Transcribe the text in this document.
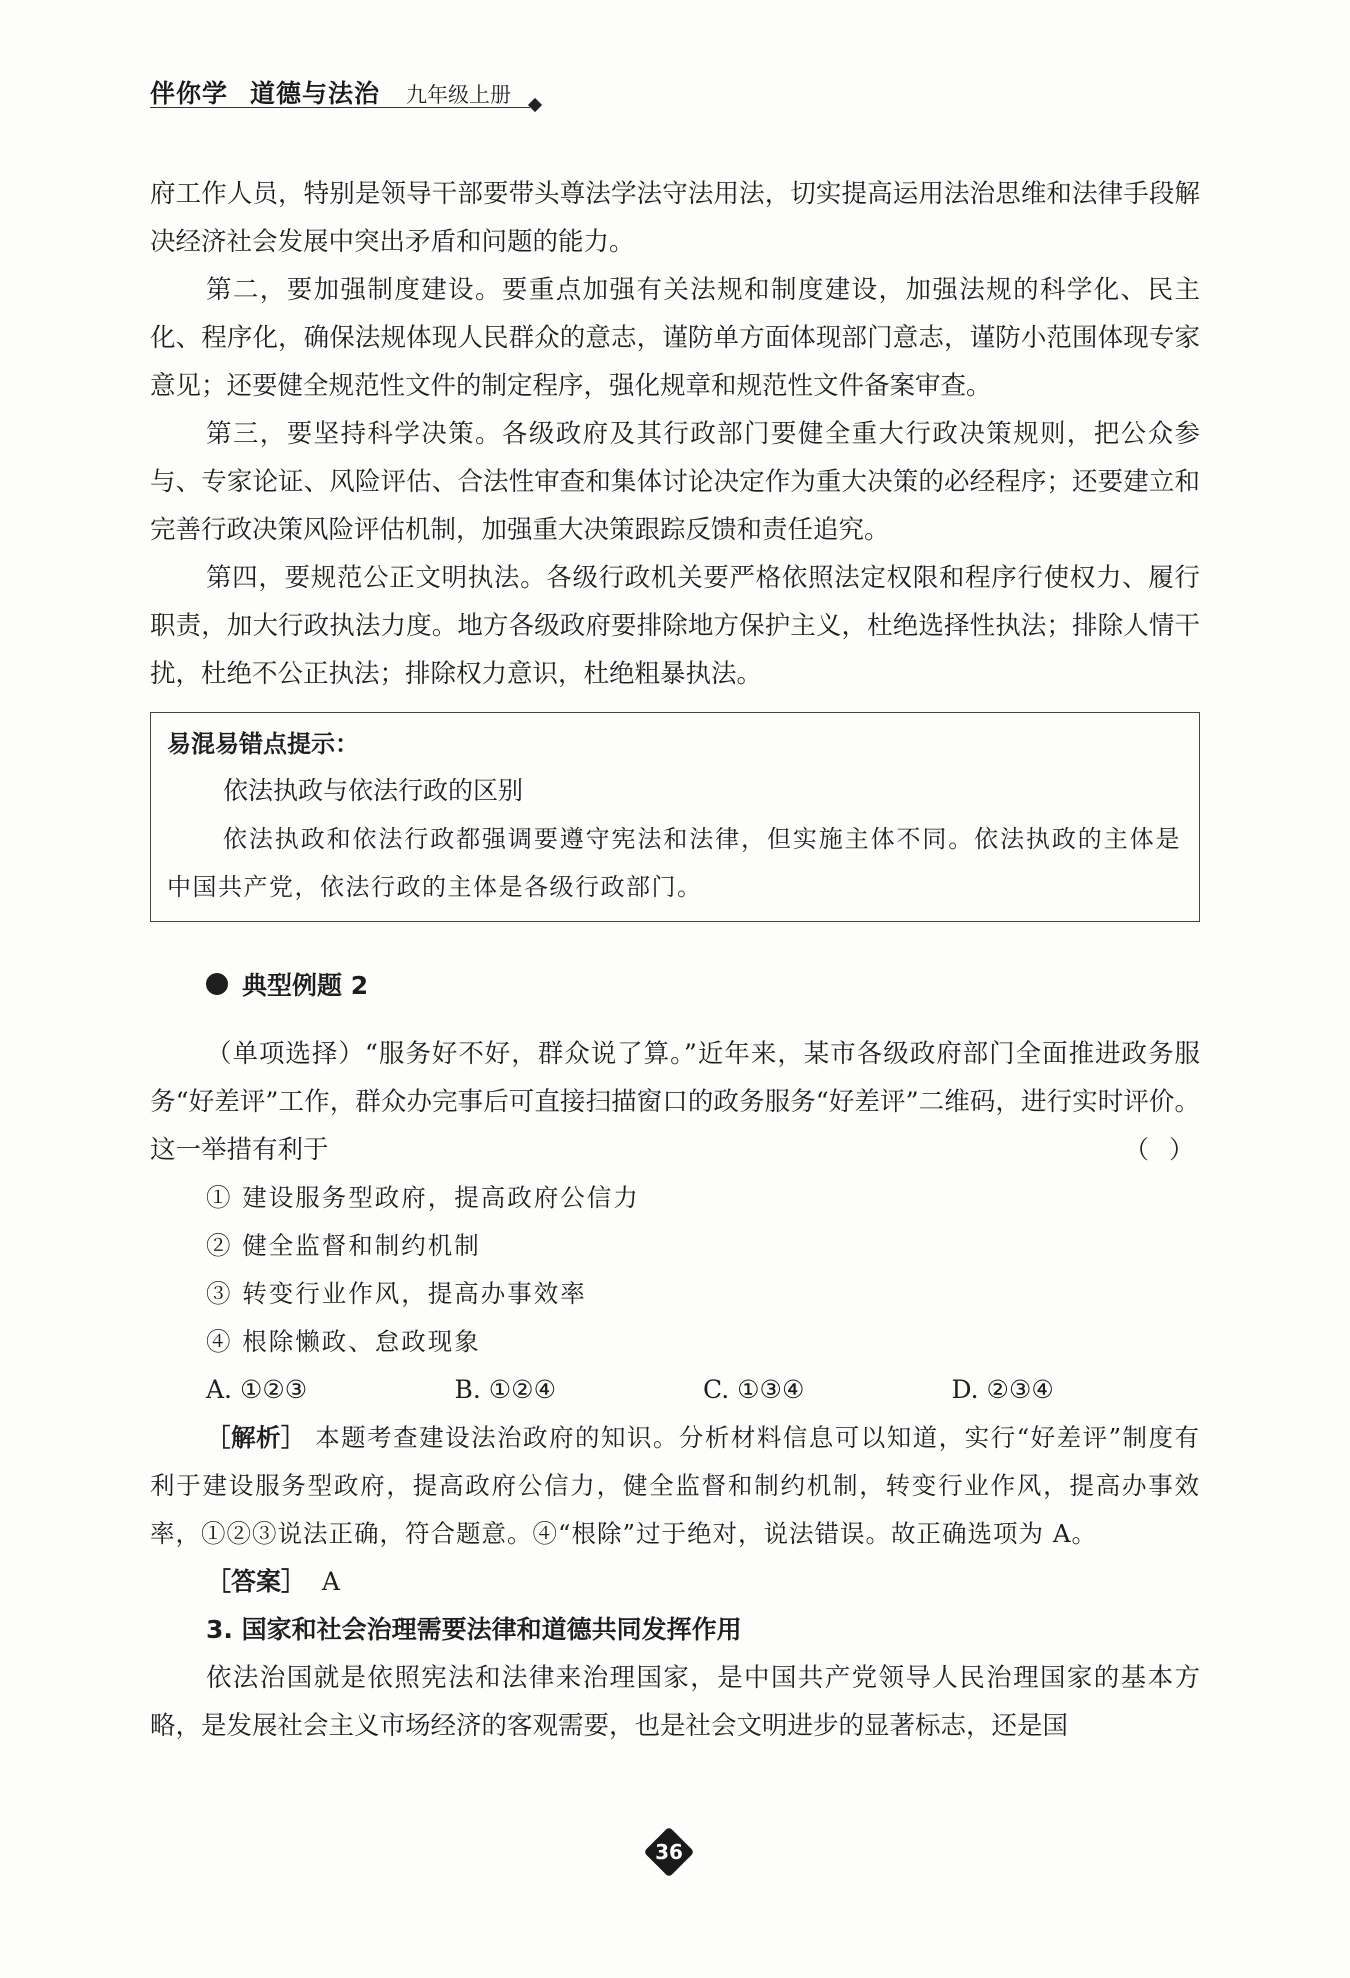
伴你学 道德与法治 九年级上册

府工作人员，特别是领导干部要带头尊法学法守法用法，切实提高运用法治思维和法律手段解决经济社会发展中突出矛盾和问题的能力。

第二，要加强制度建设。要重点加强有关法规和制度建设，加强法规的科学化、民主化、程序化，确保法规体现人民群众的意志，谨防单方面体现部门意志，谨防小范围体现专家意见；还要健全规范性文件的制定程序，强化规章和规范性文件备案审查。

第三，要坚持科学决策。各级政府及其行政部门要健全重大行政决策规则，把公众参与、专家论证、风险评估、合法性审查和集体讨论决定作为重大决策的必经程序；还要建立和完善行政决策风险评估机制，加强重大决策跟踪反馈和责任追究。

第四，要规范公正文明执法。各级行政机关要严格依照法定权限和程序行使权力、履行职责，加大行政执法力度。地方各级政府要排除地方保护主义，杜绝选择性执法；排除人情干扰，杜绝不公正执法；排除权力意识，杜绝粗暴执法。

易混易错点提示：
依法执政与依法行政的区别

依法执政和依法行政都强调要遵守宪法和法律，但实施主体不同。依法执政的主体是中国共产党，依法行政的主体是各级行政部门。

典型例题 2

（单项选择）“服务好不好，群众说了算。”近年来，某市各级政府部门全面推进政务服务“好差评”工作，群众办完事后可直接扫描窗口的政务服务“好差评”二维码，进行实时评价。这一举措有利于	（ ）

① 建设服务型政府，提高政府公信力
② 健全监督和制约机制
③ 转变行业作风，提高办事效率
④ 根除懒政、怠政现象
A. ①②③	B. ①②④	C. ①③④	D. ②③④

［解析］ 本题考查建设法治政府的知识。分析材料信息可以知道，实行“好差评”制度有利于建设服务型政府，提高政府公信力，健全监督和制约机制，转变行业作风，提高办事效率，①②③说法正确，符合题意。④“根除”过于绝对，说法错误。故正确选项为 A。

［答案］ A
3. 国家和社会治理需要法律和道德共同发挥作用

依法治国就是依照宪法和法律来治理国家，是中国共产党领导人民治理国家的基本方略，是发展社会主义市场经济的客观需要，也是社会文明进步的显著标志，还是国

36
